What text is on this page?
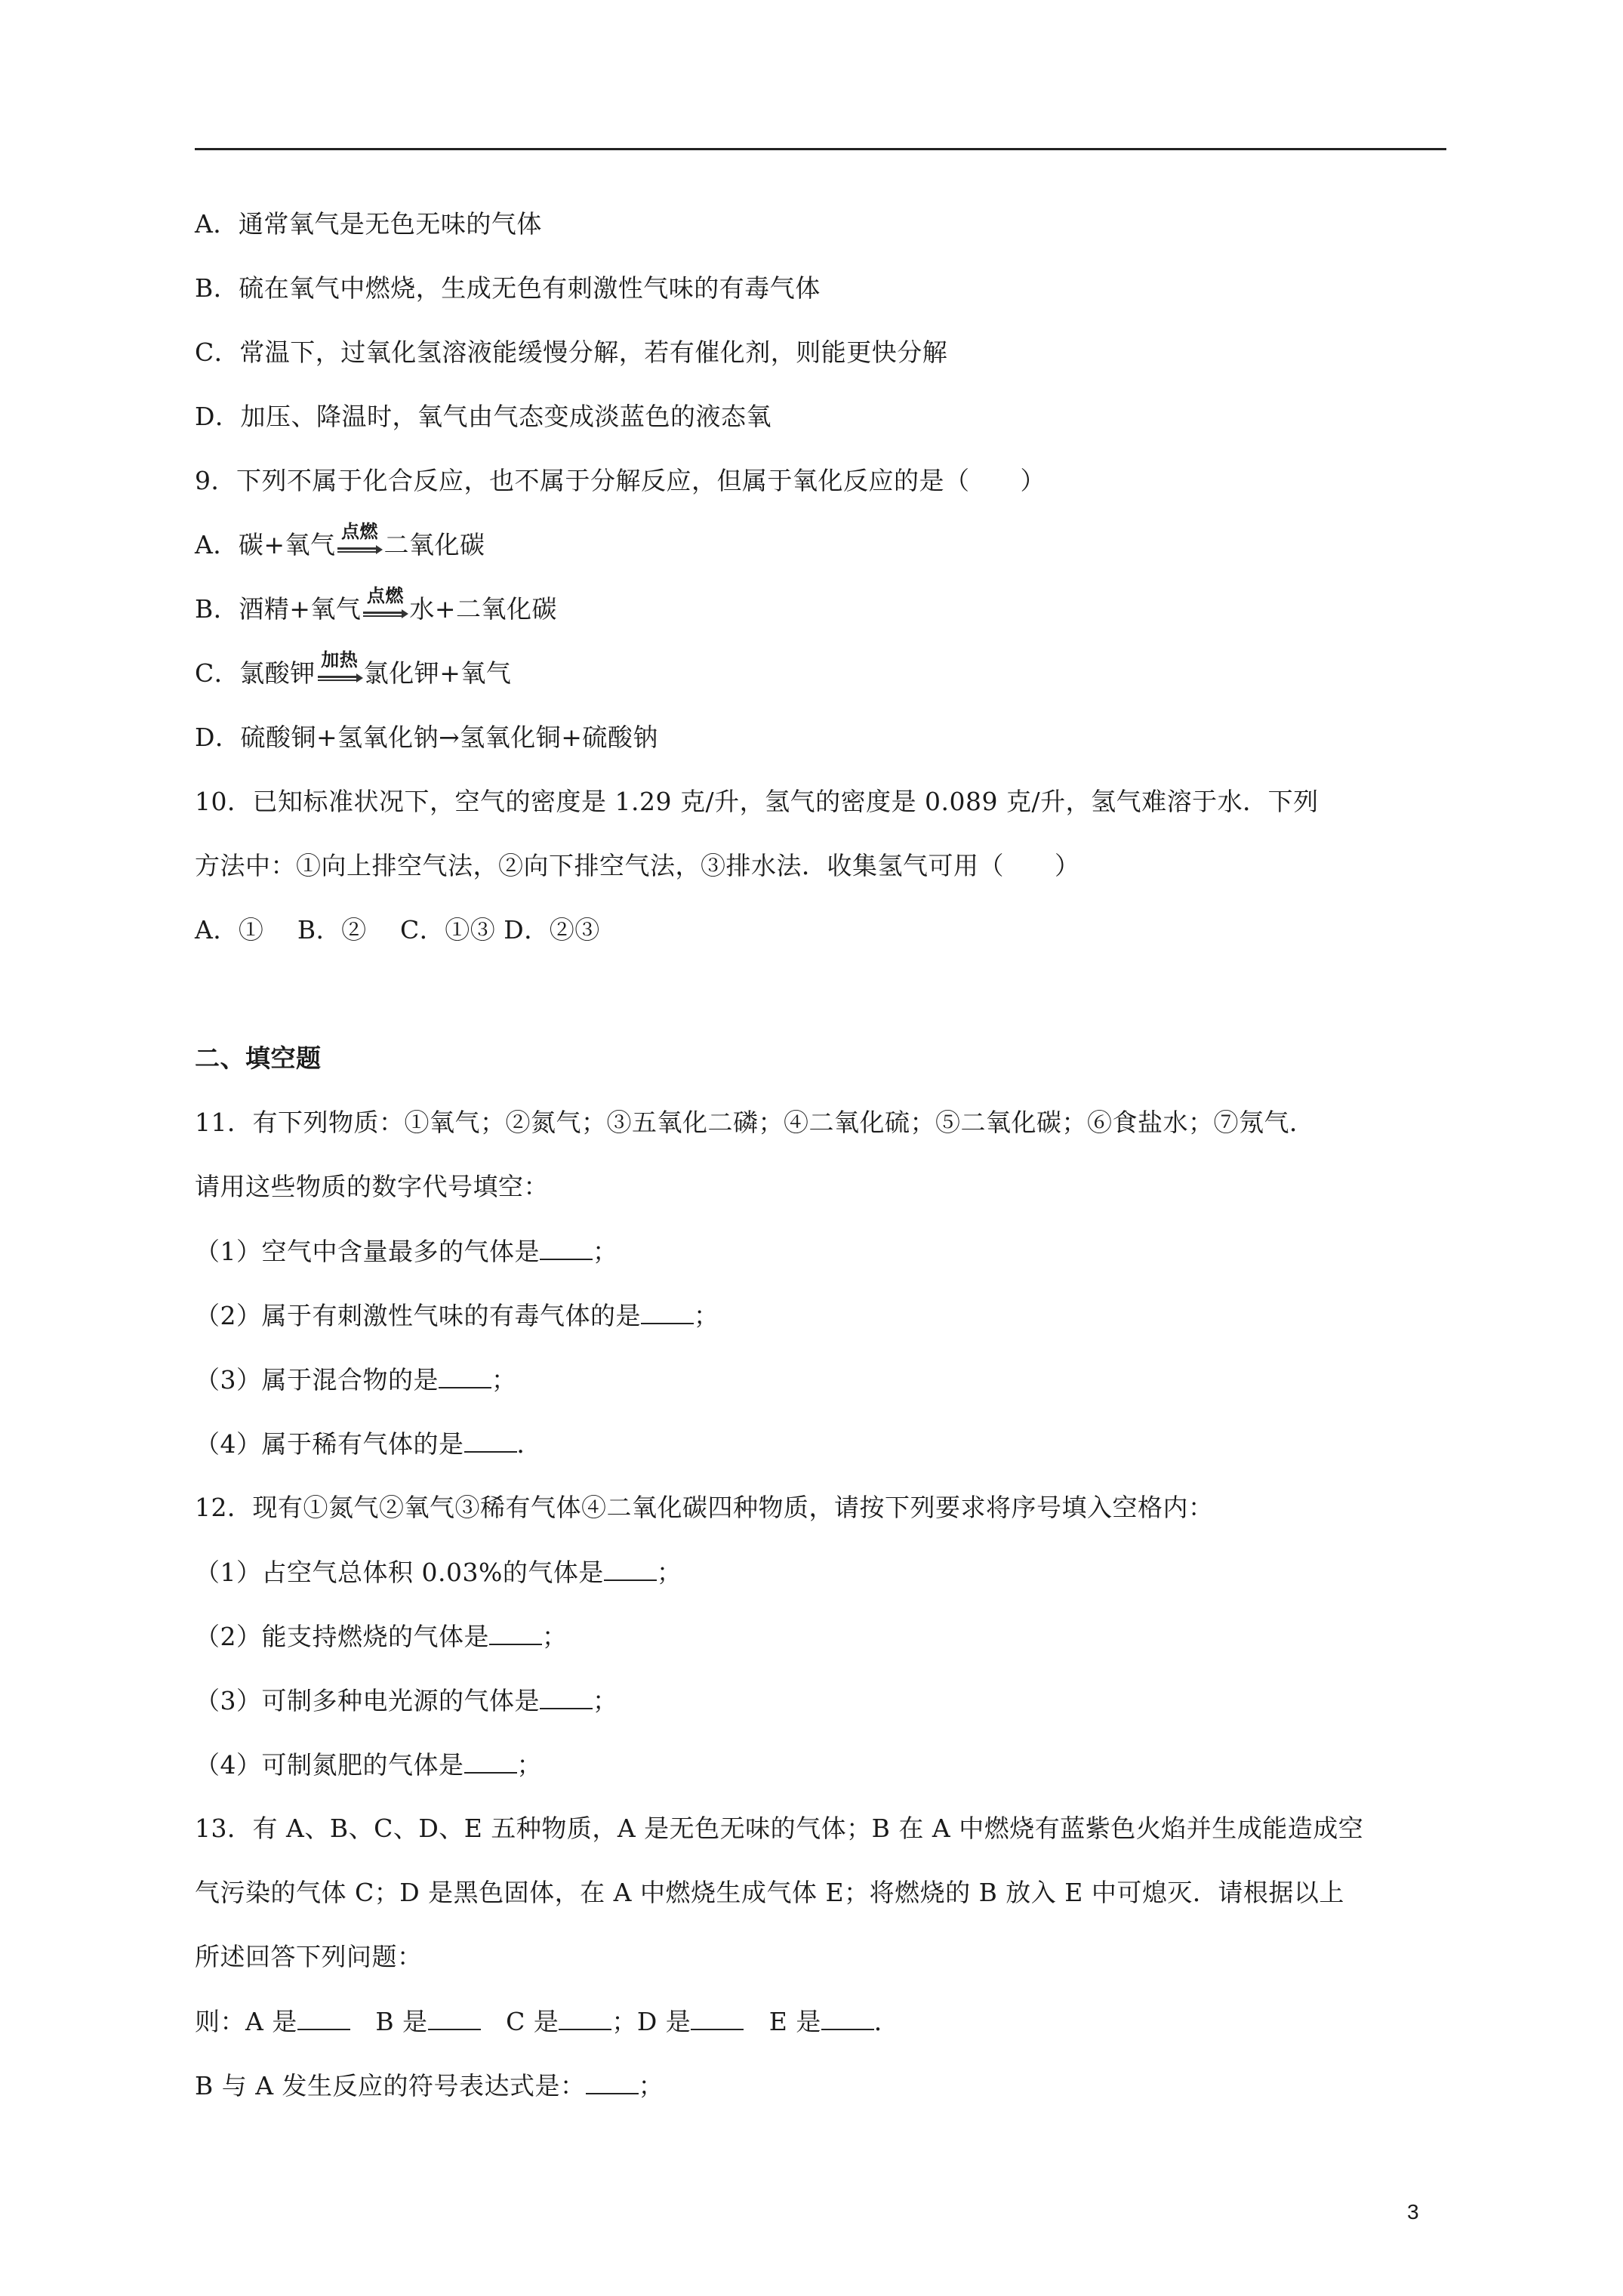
A．通常氧气是无色无味的气体
B．硫在氧气中燃烧，生成无色有刺激性气味的有毒气体
C．常温下，过氧化氢溶液能缓慢分解，若有催化剂，则能更快分解
D．加压、降温时，氧气由气态变成淡蓝色的液态氧
9．下列不属于化合反应，也不属于分解反应，但属于氧化反应的是（　　）
A．碳+氧气 点燃 二氧化碳
B．酒精+氧气 点燃 水+二氧化碳
C．氯酸钾 加热 氯化钾+氧气
D．硫酸铜+氢氧化钠→氢氧化铜+硫酸钠
10．已知标准状况下，空气的密度是 1.29 克/升，氢气的密度是 0.089 克/升，氢气难溶于水．下列
方法中：①向上排空气法，②向下排空气法，③排水法．收集氢气可用（　　）
A．①　 B．②　 C．①③ D．②③
二、填空题
11．有下列物质：①氧气；②氮气；③五氧化二磷；④二氧化硫；⑤二氧化碳；⑥食盐水；⑦氖气．
请用这些物质的数字代号填空：
（1）空气中含量最多的气体是 ；
（2）属于有刺激性气味的有毒气体的是 ；
（3）属于混合物的是 ；
（4）属于稀有气体的是 ．
12．现有①氮气②氧气③稀有气体④二氧化碳四种物质，请按下列要求将序号填入空格内：
（1）占空气总体积 0.03%的气体是 ；
（2）能支持燃烧的气体是 ；
（3）可制多种电光源的气体是 ；
（4）可制氮肥的气体是 ；
13．有 A、B、C、D、E 五种物质，A 是无色无味的气体；B 在 A 中燃烧有蓝紫色火焰并生成能造成空
气污染的气体 C；D 是黑色固体，在 A 中燃烧生成气体 E；将燃烧的 B 放入 E 中可熄灭．请根据以上
所述回答下列问题：
则：A 是　	B 是　	C 是 ；D 是　	E 是 ．
B 与 A 发生反应的符号表达式是： ；
3
